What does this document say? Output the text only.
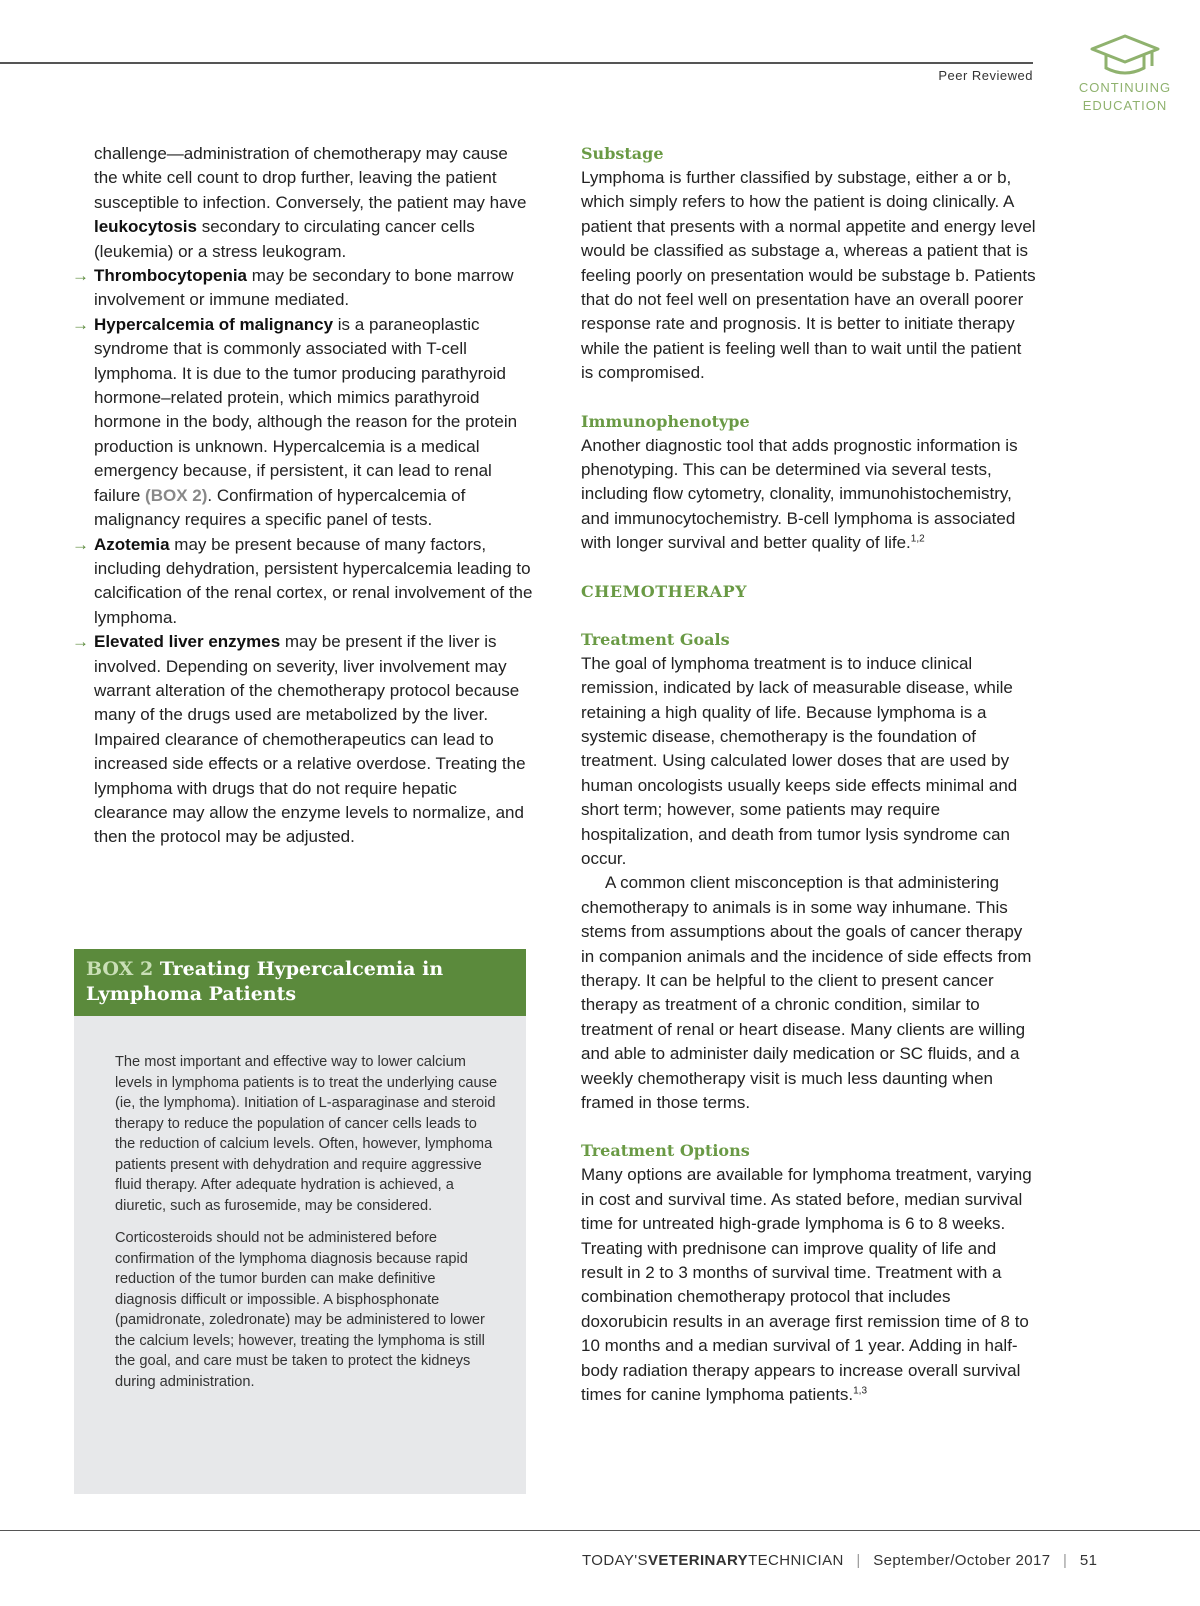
Peer Reviewed
CONTINUING
EDUCATION

challenge—administration of chemotherapy may cause the white cell count to drop further, leaving the patient susceptible to infection. Conversely, the patient may have leukocytosis secondary to circulating cancer cells (leukemia) or a stress leukogram.

→ Thrombocytopenia may be secondary to bone marrow involvement or immune mediated.

→ Hypercalcemia of malignancy is a paraneoplastic syndrome that is commonly associated with T-cell lymphoma. It is due to the tumor producing parathyroid hormone–related protein, which mimics parathyroid hormone in the body, although the reason for the protein production is unknown. Hypercalcemia is a medical emergency because, if persistent, it can lead to renal failure (BOX 2). Confirmation of hypercalcemia of malignancy requires a specific panel of tests.

→ Azotemia may be present because of many factors, including dehydration, persistent hypercalcemia leading to calcification of the renal cortex, or renal involvement of the lymphoma.

→ Elevated liver enzymes may be present if the liver is involved. Depending on severity, liver involvement may warrant alteration of the chemotherapy protocol because many of the drugs used are metabolized by the liver. Impaired clearance of chemotherapeutics can lead to increased side effects or a relative overdose. Treating the lymphoma with drugs that do not require hepatic clearance may allow the enzyme levels to normalize, and then the protocol may be adjusted.

BOX 2 Treating Hypercalcemia in Lymphoma Patients

The most important and effective way to lower calcium levels in lymphoma patients is to treat the underlying cause (ie, the lymphoma). Initiation of L-asparaginase and steroid therapy to reduce the population of cancer cells leads to the reduction of calcium levels. Often, however, lymphoma patients present with dehydration and require aggressive fluid therapy. After adequate hydration is achieved, a diuretic, such as furosemide, may be considered.

Corticosteroids should not be administered before confirmation of the lymphoma diagnosis because rapid reduction of the tumor burden can make definitive diagnosis difficult or impossible. A bisphosphonate (pamidronate, zoledronate) may be administered to lower the calcium levels; however, treating the lymphoma is still the goal, and care must be taken to protect the kidneys during administration.

Substage

Lymphoma is further classified by substage, either a or b, which simply refers to how the patient is doing clinically. A patient that presents with a normal appetite and energy level would be classified as substage a, whereas a patient that is feeling poorly on presentation would be substage b. Patients that do not feel well on presentation have an overall poorer response rate and prognosis. It is better to initiate therapy while the patient is feeling well than to wait until the patient is compromised.

Immunophenotype

Another diagnostic tool that adds prognostic information is phenotyping. This can be determined via several tests, including flow cytometry, clonality, immunohistochemistry, and immunocytochemistry. B-cell lymphoma is associated with longer survival and better quality of life.$^{1,2}$

CHEMOTHERAPY
Treatment Goals

The goal of lymphoma treatment is to induce clinical remission, indicated by lack of measurable disease, while retaining a high quality of life. Because lymphoma is a systemic disease, chemotherapy is the foundation of treatment. Using calculated lower doses that are used by human oncologists usually keeps side effects minimal and short term; however, some patients may require hospitalization, and death from tumor lysis syndrome can occur.

A common client misconception is that administering chemotherapy to animals is in some way inhumane. This stems from assumptions about the goals of cancer therapy in companion animals and the incidence of side effects from therapy. It can be helpful to the client to present cancer therapy as treatment of a chronic condition, similar to treatment of renal or heart disease. Many clients are willing and able to administer daily medication or SC fluids, and a weekly chemotherapy visit is much less daunting when framed in those terms.

Treatment Options

Many options are available for lymphoma treatment, varying in cost and survival time. As stated before, median survival time for untreated high-grade lymphoma is 6 to 8 weeks. Treating with prednisone can improve quality of life and result in 2 to 3 months of survival time. Treatment with a combination chemotherapy protocol that includes doxorubicin results in an average first remission time of 8 to 10 months and a median survival of 1 year. Adding in half-body radiation therapy appears to increase overall survival times for canine lymphoma patients.$^{1,3}$

TODAY'SVETERINARYTECHNICIAN | September/October 2017 | 51
